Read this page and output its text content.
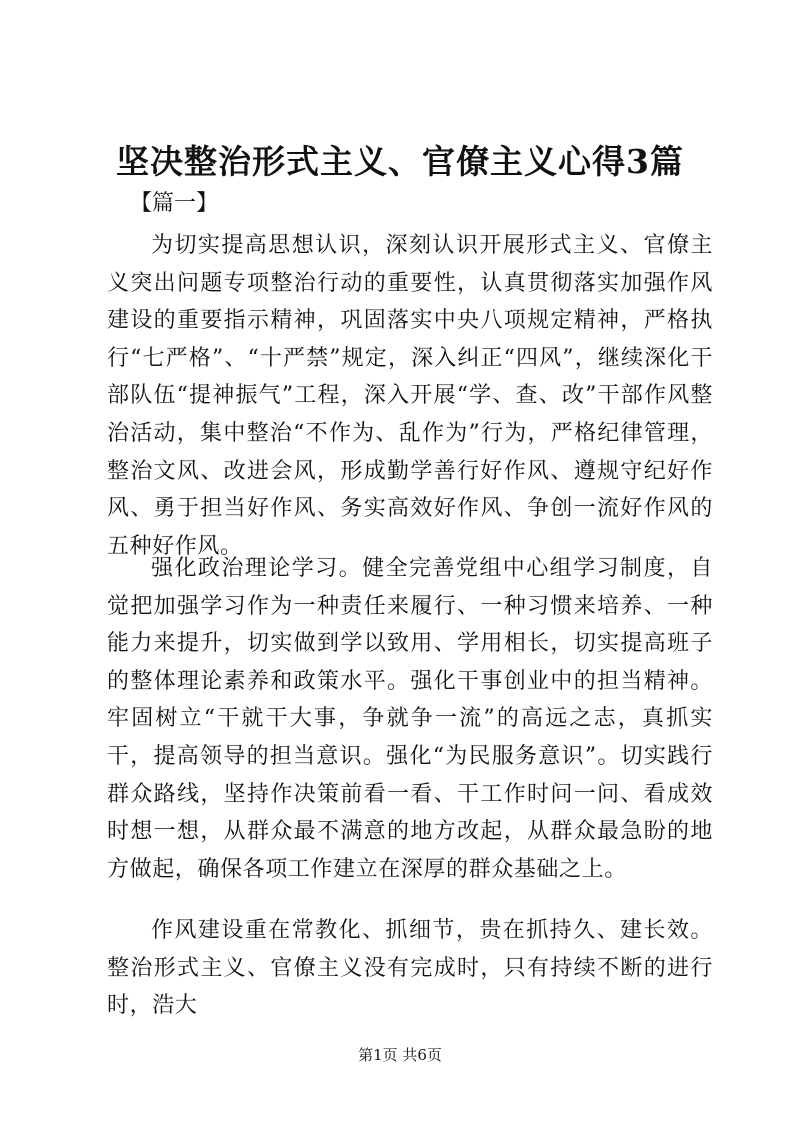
坚决整治形式主义、官僚主义心得3篇
【篇一】

为切实提高思想认识，深刻认识开展形式主义、官僚主义突出问题专项整治行动的重要性，认真贯彻落实加强作风建设的重要指示精神，巩固落实中央八项规定精神，严格执行“七严格”、“十严禁”规定，深入纠正“四风”，继续深化干部队伍“提神振气”工程，深入开展“学、查、改”干部作风整治活动，集中整治“不作为、乱作为”行为，严格纪律管理，整治文风、改进会风，形成勤学善行好作风、遵规守纪好作风、勇于担当好作风、务实高效好作风、争创一流好作风的五种好作风。

强化政治理论学习。健全完善党组中心组学习制度，自觉把加强学习作为一种责任来履行、一种习惯来培养、一种能力来提升，切实做到学以致用、学用相长，切实提高班子的整体理论素养和政策水平。强化干事创业中的担当精神。牢固树立“干就干大事，争就争一流”的高远之志，真抓实干，提高领导的担当意识。强化“为民服务意识”。切实践行群众路线，坚持作决策前看一看、干工作时问一问、看成效时想一想，从群众最不满意的地方改起，从群众最急盼的地方做起，确保各项工作建立在深厚的群众基础之上。

作风建设重在常教化、抓细节，贵在抓持久、建长效。整治形式主义、官僚主义没有完成时，只有持续不断的进行时，浩大

第1页 共6页
